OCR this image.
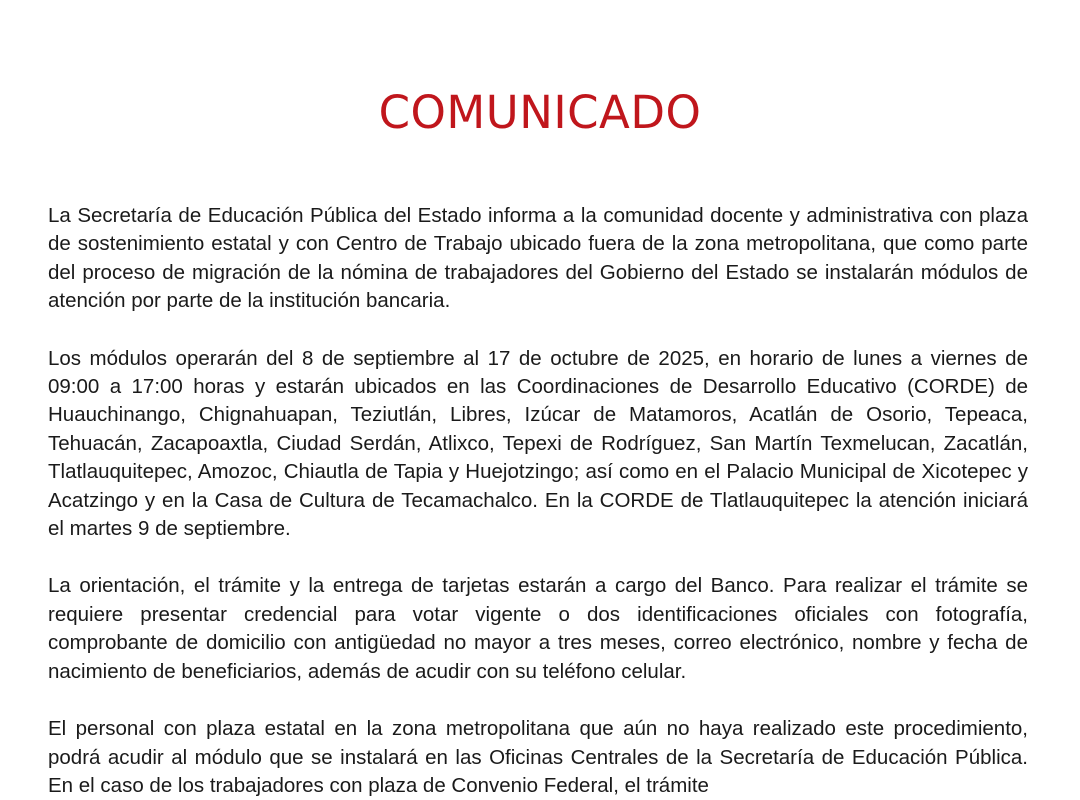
COMUNICADO

La Secretaría de Educación Pública del Estado informa a la comunidad docente y administrativa con plaza de sostenimiento estatal y con Centro de Trabajo ubicado fuera de la zona metropolitana, que como parte del proceso de migración de la nómina de trabajadores del Gobierno del Estado se instalarán módulos de atención por parte de la institución bancaria.

Los módulos operarán del 8 de septiembre al 17 de octubre de 2025, en horario de lunes a viernes de 09:00 a 17:00 horas y estarán ubicados en las Coordinaciones de Desarrollo Educativo (CORDE) de Huauchinango, Chignahuapan, Teziutlán, Libres, Izúcar de Matamoros, Acatlán de Osorio, Tepeaca, Tehuacán, Zacapoaxtla, Ciudad Serdán, Atlixco, Tepexi de Rodríguez, San Martín Texmelucan, Zacatlán, Tlatlauquitepec, Amozoc, Chiautla de Tapia y Huejotzingo; así como en el Palacio Municipal de Xicotepec y Acatzingo y en la Casa de Cultura de Tecamachalco. En la CORDE de Tlatlauquitepec la atención iniciará el martes 9 de septiembre.

La orientación, el trámite y la entrega de tarjetas estarán a cargo del Banco. Para realizar el trámite se requiere presentar credencial para votar vigente o dos identificaciones oficiales con fotografía, comprobante de domicilio con antigüedad no mayor a tres meses, correo electrónico, nombre y fecha de nacimiento de beneficiarios, además de acudir con su teléfono celular.

El personal con plaza estatal en la zona metropolitana que aún no haya realizado este procedimiento, podrá acudir al módulo que se instalará en las Oficinas Centrales de la Secretaría de Educación Pública. En el caso de los trabajadores con plaza de Convenio Federal, el trámite
